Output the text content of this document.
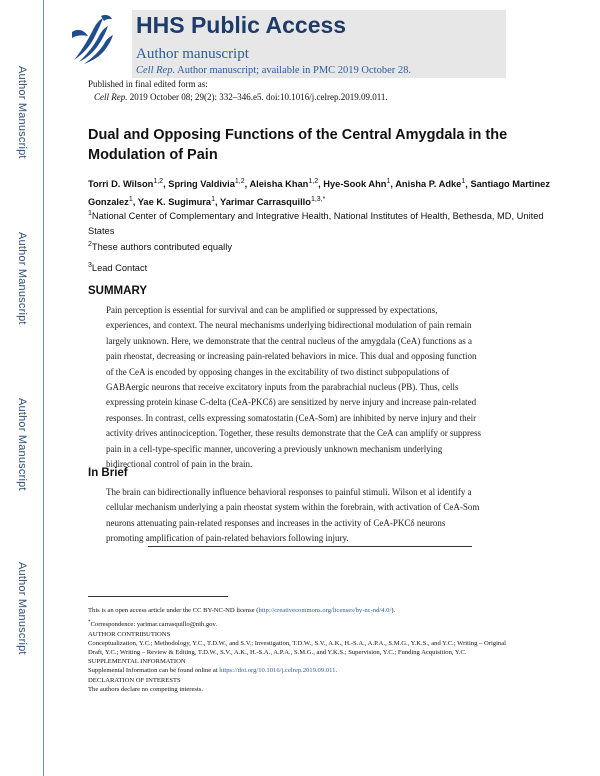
Author Manuscript
Author Manuscript
Author Manuscript
Author Manuscript
HHS Public Access
Author manuscript
Cell Rep. Author manuscript; available in PMC 2019 October 28.
Published in final edited form as:
Cell Rep. 2019 October 08; 29(2): 332–346.e5. doi:10.1016/j.celrep.2019.09.011.
Dual and Opposing Functions of the Central Amygdala in the Modulation of Pain
Torri D. Wilson$^{1,2}$, Spring Valdivia$^{1,2}$, Aleisha Khan$^{1,2}$, Hye-Sook Ahn$^1$, Anisha P. Adke$^1$, Santiago Martinez Gonzalez$^1$, Yae K. Sugimura$^1$, Yarimar Carrasquillo$^{1,3,*}$
$^1$National Center of Complementary and Integrative Health, National Institutes of Health, Bethesda, MD, United States
$^2$These authors contributed equally
$^3$Lead Contact
SUMMARY
Pain perception is essential for survival and can be amplified or suppressed by expectations, experiences, and context. The neural mechanisms underlying bidirectional modulation of pain remain largely unknown. Here, we demonstrate that the central nucleus of the amygdala (CeA) functions as a pain rheostat, decreasing or increasing pain-related behaviors in mice. This dual and opposing function of the CeA is encoded by opposing changes in the excitability of two distinct subpopulations of GABAergic neurons that receive excitatory inputs from the parabrachial nucleus (PB). Thus, cells expressing protein kinase C-delta (CeA-PKCδ) are sensitized by nerve injury and increase pain-related responses. In contrast, cells expressing somatostatin (CeA-Som) are inhibited by nerve injury and their activity drives antinociception. Together, these results demonstrate that the CeA can amplify or suppress pain in a cell-type-specific manner, uncovering a previously unknown mechanism underlying bidirectional control of pain in the brain.
In Brief
The brain can bidirectionally influence behavioral responses to painful stimuli. Wilson et al identify a cellular mechanism underlying a pain rheostat system within the forebrain, with activation of CeA-Som neurons attenuating pain-related responses and increases in the activity of CeA-PKCδ neurons promoting amplification of pain-related behaviors following injury.
This is an open access article under the CC BY-NC-ND license (http://creativecommons.org/licenses/by-nc-nd/4.0/).
*Correspondence: yarimar.carrasquillo@nih.gov.
AUTHOR CONTRIBUTIONS
Conceptualization, Y.C.; Methodology, Y.C., T.D.W., and S.V.; Investigation, T.D.W., S.V., A.K., H.-S.A., A.P.A., S.M.G., Y.K.S., and Y.C.; Writing – Original Draft, Y.C.; Writing – Review & Editing, T.D.W., S.V., A.K., H.-S.A., A.P.A., S.M.G., and Y.K.S.; Supervision, Y.C.; Funding Acquisition, Y.C.
SUPPLEMENTAL INFORMATION
Supplemental Information can be found online at https://doi.org/10.1016/j.celrep.2019.09.011.
DECLARATION OF INTERESTS
The authors declare no competing interests.
